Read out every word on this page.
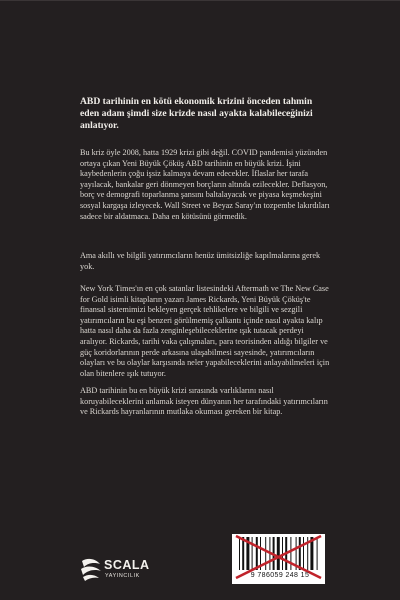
ABD tarihinin en kötü ekonomik krizini önceden tahmin eden adam şimdi size krizde nasıl ayakta kalabileceğinizi anlatıyor.

Bu kriz öyle 2008, hatta 1929 krizi gibi değil. COVID pandemisi yüzünden ortaya çıkan Yeni Büyük Çöküş ABD tarihinin en büyük krizi. İşini kaybedenlerin çoğu işsiz kalmaya devam edecekler. İflaslar her tarafa yayılacak, bankalar geri dönmeyen borçların altında ezilecekler. Deflasyon, borç ve demografi toparlanma şansını baltalayacak ve piyasa keşmekeşini sosyal kargaşa izleyecek. Wall Street ve Beyaz Saray'ın tozpembe lakırdıları sadece bir aldatmaca. Daha en kötüsünü görmedik.

Ama akıllı ve bilgili yatırımcıların henüz ümitsizliğe kapılmalarına gerek yok.

New York Times'ın en çok satanlar listesindeki Aftermath ve The New Case for Gold isimli kitapların yazarı James Rickards, Yeni Büyük Çöküş'te finansal sistemimizi bekleyen gerçek tehlikelere ve bilgili ve sezgili yatırımcıların bu eşi benzeri görülmemiş çalkantı içinde nasıl ayakta kalıp hatta nasıl daha da fazla zenginleşebileceklerine ışık tutacak perdeyi aralıyor. Rickards, tarihi vaka çalışmaları, para teorisinden aldığı bilgiler ve güç koridorlarının perde arkasına ulaşabilmesi sayesinde, yatırımcıların olayları ve bu olaylar karşısında neler yapabileceklerini anlayabilmeleri için olan bitenlere ışık tutuyor.

ABD tarihinin bu en büyük krizi sırasında varlıklarını nasıl koruyabileceklerini anlamak isteyen dünyanın her tarafındaki yatırımcıların ve Rickards hayranlarının mutlaka okuması gereken bir kitap.

SCALA
YAYINCILIK	9 786059 248 15
